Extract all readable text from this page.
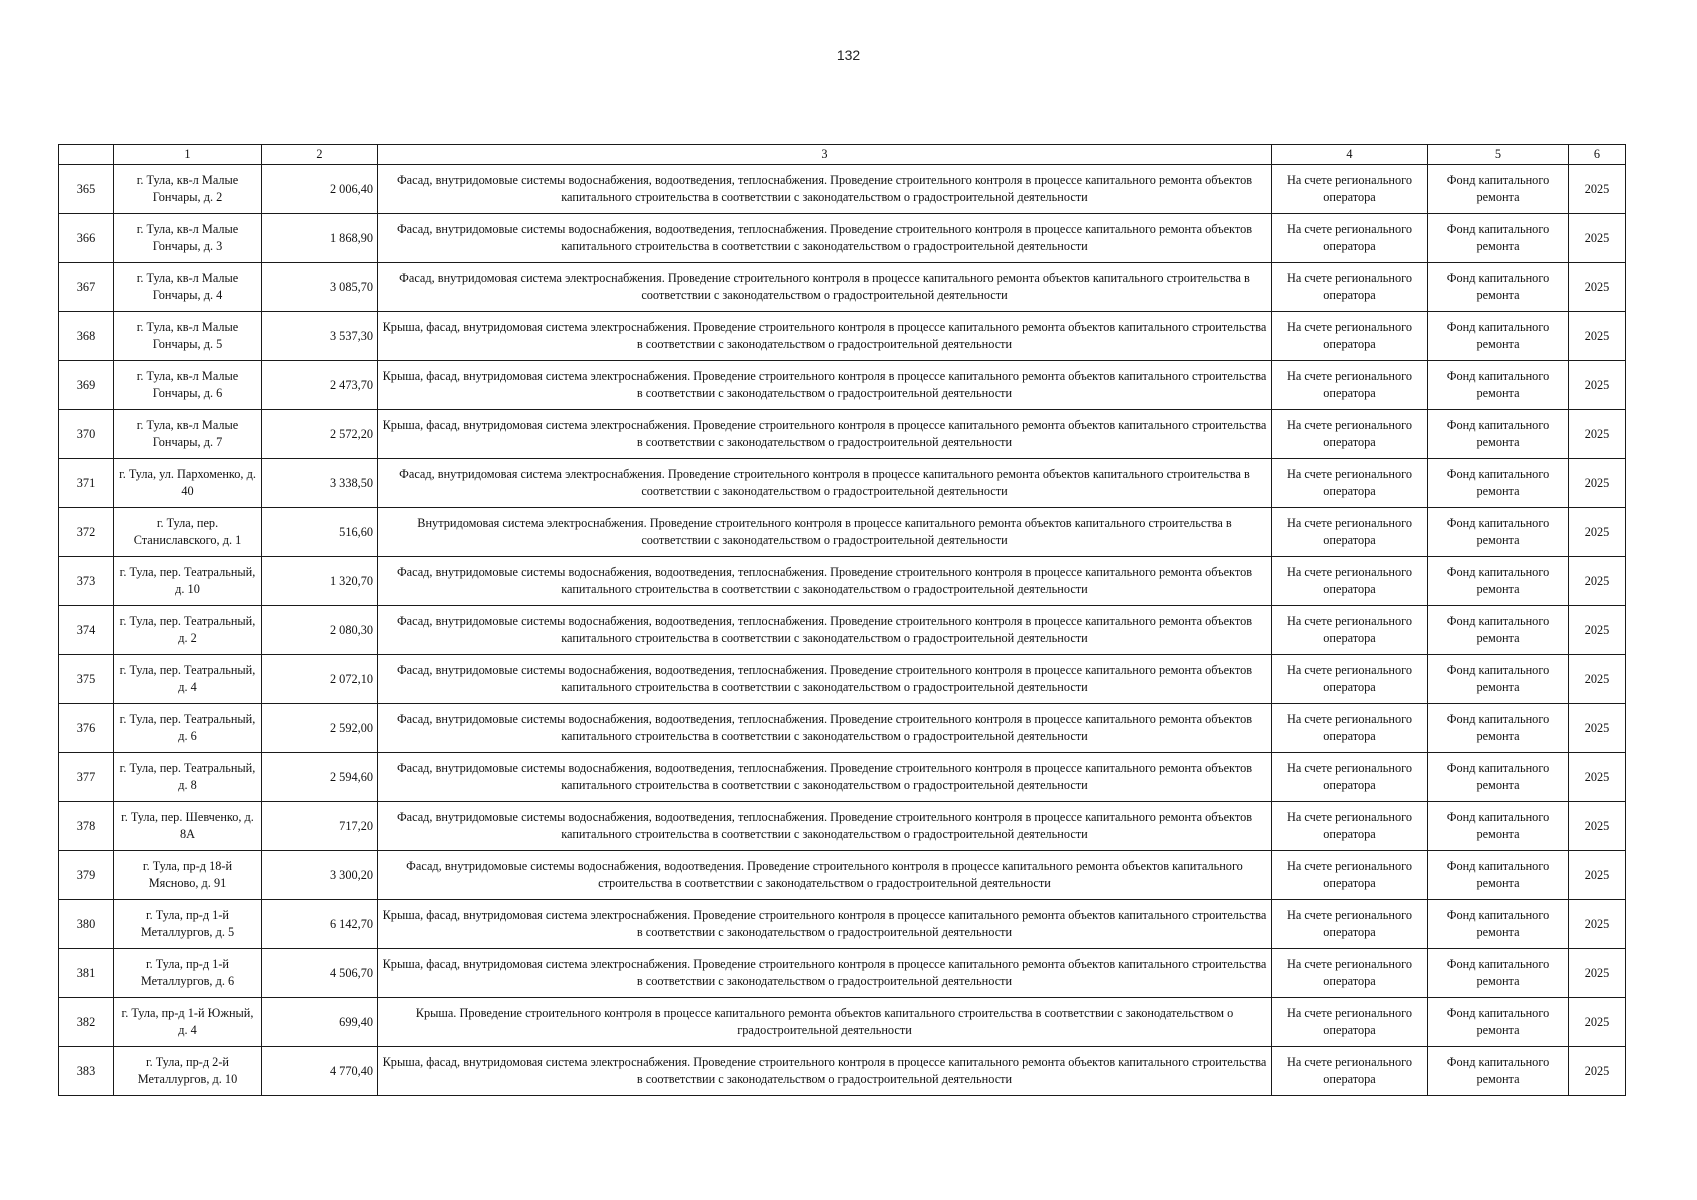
132
	1	2	3	4	5	6
365	г. Тула, кв-л Малые Гончары, д. 2	2 006,40	Фасад, внутридомовые системы водоснабжения, водоотведения, теплоснабжения. Проведение строительного контроля в процессе капитального ремонта объектов капитального строительства в соответствии с законодательством о градостроительной деятельности	На счете регионального оператора	Фонд капитального ремонта	2025
366	г. Тула, кв-л Малые Гончары, д. 3	1 868,90	Фасад, внутридомовые системы водоснабжения, водоотведения, теплоснабжения. Проведение строительного контроля в процессе капитального ремонта объектов капитального строительства в соответствии с законодательством о градостроительной деятельности	На счете регионального оператора	Фонд капитального ремонта	2025
367	г. Тула, кв-л Малые Гончары, д. 4	3 085,70	Фасад, внутридомовая система электроснабжения. Проведение строительного контроля в процессе капитального ремонта объектов капитального строительства в соответствии с законодательством о градостроительной деятельности	На счете регионального оператора	Фонд капитального ремонта	2025
368	г. Тула, кв-л Малые Гончары, д. 5	3 537,30	Крыша, фасад, внутридомовая система электроснабжения. Проведение строительного контроля в процессе капитального ремонта объектов капитального строительства в соответствии с законодательством о градостроительной деятельности	На счете регионального оператора	Фонд капитального ремонта	2025
369	г. Тула, кв-л Малые Гончары, д. 6	2 473,70	Крыша, фасад, внутридомовая система электроснабжения. Проведение строительного контроля в процессе капитального ремонта объектов капитального строительства в соответствии с законодательством о градостроительной деятельности	На счете регионального оператора	Фонд капитального ремонта	2025
370	г. Тула, кв-л Малые Гончары, д. 7	2 572,20	Крыша, фасад, внутридомовая система электроснабжения. Проведение строительного контроля в процессе капитального ремонта объектов капитального строительства в соответствии с законодательством о градостроительной деятельности	На счете регионального оператора	Фонд капитального ремонта	2025
371	г. Тула, ул. Пархоменко, д. 40	3 338,50	Фасад, внутридомовая система электроснабжения. Проведение строительного контроля в процессе капитального ремонта объектов капитального строительства в соответствии с законодательством о градостроительной деятельности	На счете регионального оператора	Фонд капитального ремонта	2025
372	г. Тула, пер. Станиславского, д. 1	516,60	Внутридомовая система электроснабжения. Проведение строительного контроля в процессе капитального ремонта объектов капитального строительства в соответствии с законодательством о градостроительной деятельности	На счете регионального оператора	Фонд капитального ремонта	2025
373	г. Тула, пер. Театральный, д. 10	1 320,70	Фасад, внутридомовые системы водоснабжения, водоотведения, теплоснабжения. Проведение строительного контроля в процессе капитального ремонта объектов капитального строительства в соответствии с законодательством о градостроительной деятельности	На счете регионального оператора	Фонд капитального ремонта	2025
374	г. Тула, пер. Театральный, д. 2	2 080,30	Фасад, внутридомовые системы водоснабжения, водоотведения, теплоснабжения. Проведение строительного контроля в процессе капитального ремонта объектов капитального строительства в соответствии с законодательством о градостроительной деятельности	На счете регионального оператора	Фонд капитального ремонта	2025
375	г. Тула, пер. Театральный, д. 4	2 072,10	Фасад, внутридомовые системы водоснабжения, водоотведения, теплоснабжения. Проведение строительного контроля в процессе капитального ремонта объектов капитального строительства в соответствии с законодательством о градостроительной деятельности	На счете регионального оператора	Фонд капитального ремонта	2025
376	г. Тула, пер. Театральный, д. 6	2 592,00	Фасад, внутридомовые системы водоснабжения, водоотведения, теплоснабжения. Проведение строительного контроля в процессе капитального ремонта объектов капитального строительства в соответствии с законодательством о градостроительной деятельности	На счете регионального оператора	Фонд капитального ремонта	2025
377	г. Тула, пер. Театральный, д. 8	2 594,60	Фасад, внутридомовые системы водоснабжения, водоотведения, теплоснабжения. Проведение строительного контроля в процессе капитального ремонта объектов капитального строительства в соответствии с законодательством о градостроительной деятельности	На счете регионального оператора	Фонд капитального ремонта	2025
378	г. Тула, пер. Шевченко, д. 8А	717,20	Фасад, внутридомовые системы водоснабжения, водоотведения, теплоснабжения. Проведение строительного контроля в процессе капитального ремонта объектов капитального строительства в соответствии с законодательством о градостроительной деятельности	На счете регионального оператора	Фонд капитального ремонта	2025
379	г. Тула, пр-д 18-й Мясново, д. 91	3 300,20	Фасад, внутридомовые системы водоснабжения, водоотведения. Проведение строительного контроля в процессе капитального ремонта объектов капитального строительства в соответствии с законодательством о градостроительной деятельности	На счете регионального оператора	Фонд капитального ремонта	2025
380	г. Тула, пр-д 1-й Металлургов, д. 5	6 142,70	Крыша, фасад, внутридомовая система электроснабжения. Проведение строительного контроля в процессе капитального ремонта объектов капитального строительства в соответствии с законодательством о градостроительной деятельности	На счете регионального оператора	Фонд капитального ремонта	2025
381	г. Тула, пр-д 1-й Металлургов, д. 6	4 506,70	Крыша, фасад, внутридомовая система электроснабжения. Проведение строительного контроля в процессе капитального ремонта объектов капитального строительства в соответствии с законодательством о градостроительной деятельности	На счете регионального оператора	Фонд капитального ремонта	2025
382	г. Тула, пр-д 1-й Южный, д. 4	699,40	Крыша. Проведение строительного контроля в процессе капитального ремонта объектов капитального строительства в соответствии с законодательством о градостроительной деятельности	На счете регионального оператора	Фонд капитального ремонта	2025
383	г. Тула, пр-д 2-й Металлургов, д. 10	4 770,40	Крыша, фасад, внутридомовая система электроснабжения. Проведение строительного контроля в процессе капитального ремонта объектов капитального строительства в соответствии с законодательством о градостроительной деятельности	На счете регионального оператора	Фонд капитального ремонта	2025
